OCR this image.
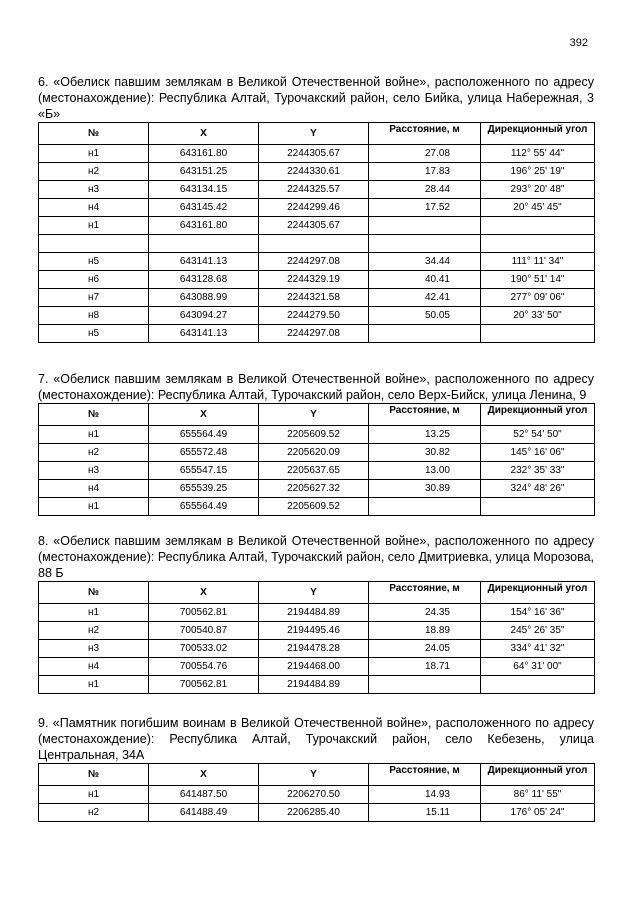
392

6. «Обелиск павшим землякам в Великой Отечественной войне», расположенного по адресу (местонахождение): Республика Алтай, Турочакский район, село Бийка, улица Набережная, 3 «Б»

№	X	Y	Расстояние, м	Дирекционный угол
н1	643161.80	2244305.67	27.08	112° 55' 44"
н2	643151.25	2244330.61	17.83	196° 25' 19"
н3	643134.15	2244325.57	28.44	293° 20' 48"
н4	643145.42	2244299.46	17.52	20° 45' 45"
н1	643161.80	2244305.67		

н5	643141.13	2244297.08	34.44	111° 11' 34"
н6	643128.68	2244329.19	40.41	190° 51' 14"
н7	643088.99	2244321.58	42.41	277° 09' 06"
н8	643094.27	2244279.50	50.05	20° 33' 50"
н5	643141.13	2244297.08		

7. «Обелиск павшим землякам в Великой Отечественной войне», расположенного по адресу (местонахождение): Республика Алтай, Турочакский район, село Верх-Бийск, улица Ленина, 9

№	X	Y	Расстояние, м	Дирекционный угол
н1	655564.49	2205609.52	13.25	52° 54' 50"
н2	655572.48	2205620.09	30.82	145° 16' 06"
н3	655547.15	2205637.65	13.00	232° 35' 33"
н4	655539.25	2205627.32	30.89	324° 48' 26"
н1	655564.49	2205609.52		

8. «Обелиск павшим землякам в Великой Отечественной войне», расположенного по адресу (местонахождение): Республика Алтай, Турочакский район, село Дмитриевка, улица Морозова, 88 Б

№	X	Y	Расстояние, м	Дирекционный угол
н1	700562.81	2194484.89	24.35	154° 16' 36"
н2	700540.87	2194495.46	18.89	245° 26' 35"
н3	700533.02	2194478.28	24.05	334° 41' 32"
н4	700554.76	2194468.00	18.71	64° 31' 00"
н1	700562.81	2194484.89		

9. «Памятник погибшим воинам в Великой Отечественной войне», расположенного по адресу (местонахождение): Республика Алтай, Турочакский район, село Кебезень, улица Центральная, 34А

№	X	Y	Расстояние, м	Дирекционный угол
н1	641487.50	2206270.50	14.93	86° 11' 55"
н2	641488.49	2206285.40	15.11	176° 05' 24"
